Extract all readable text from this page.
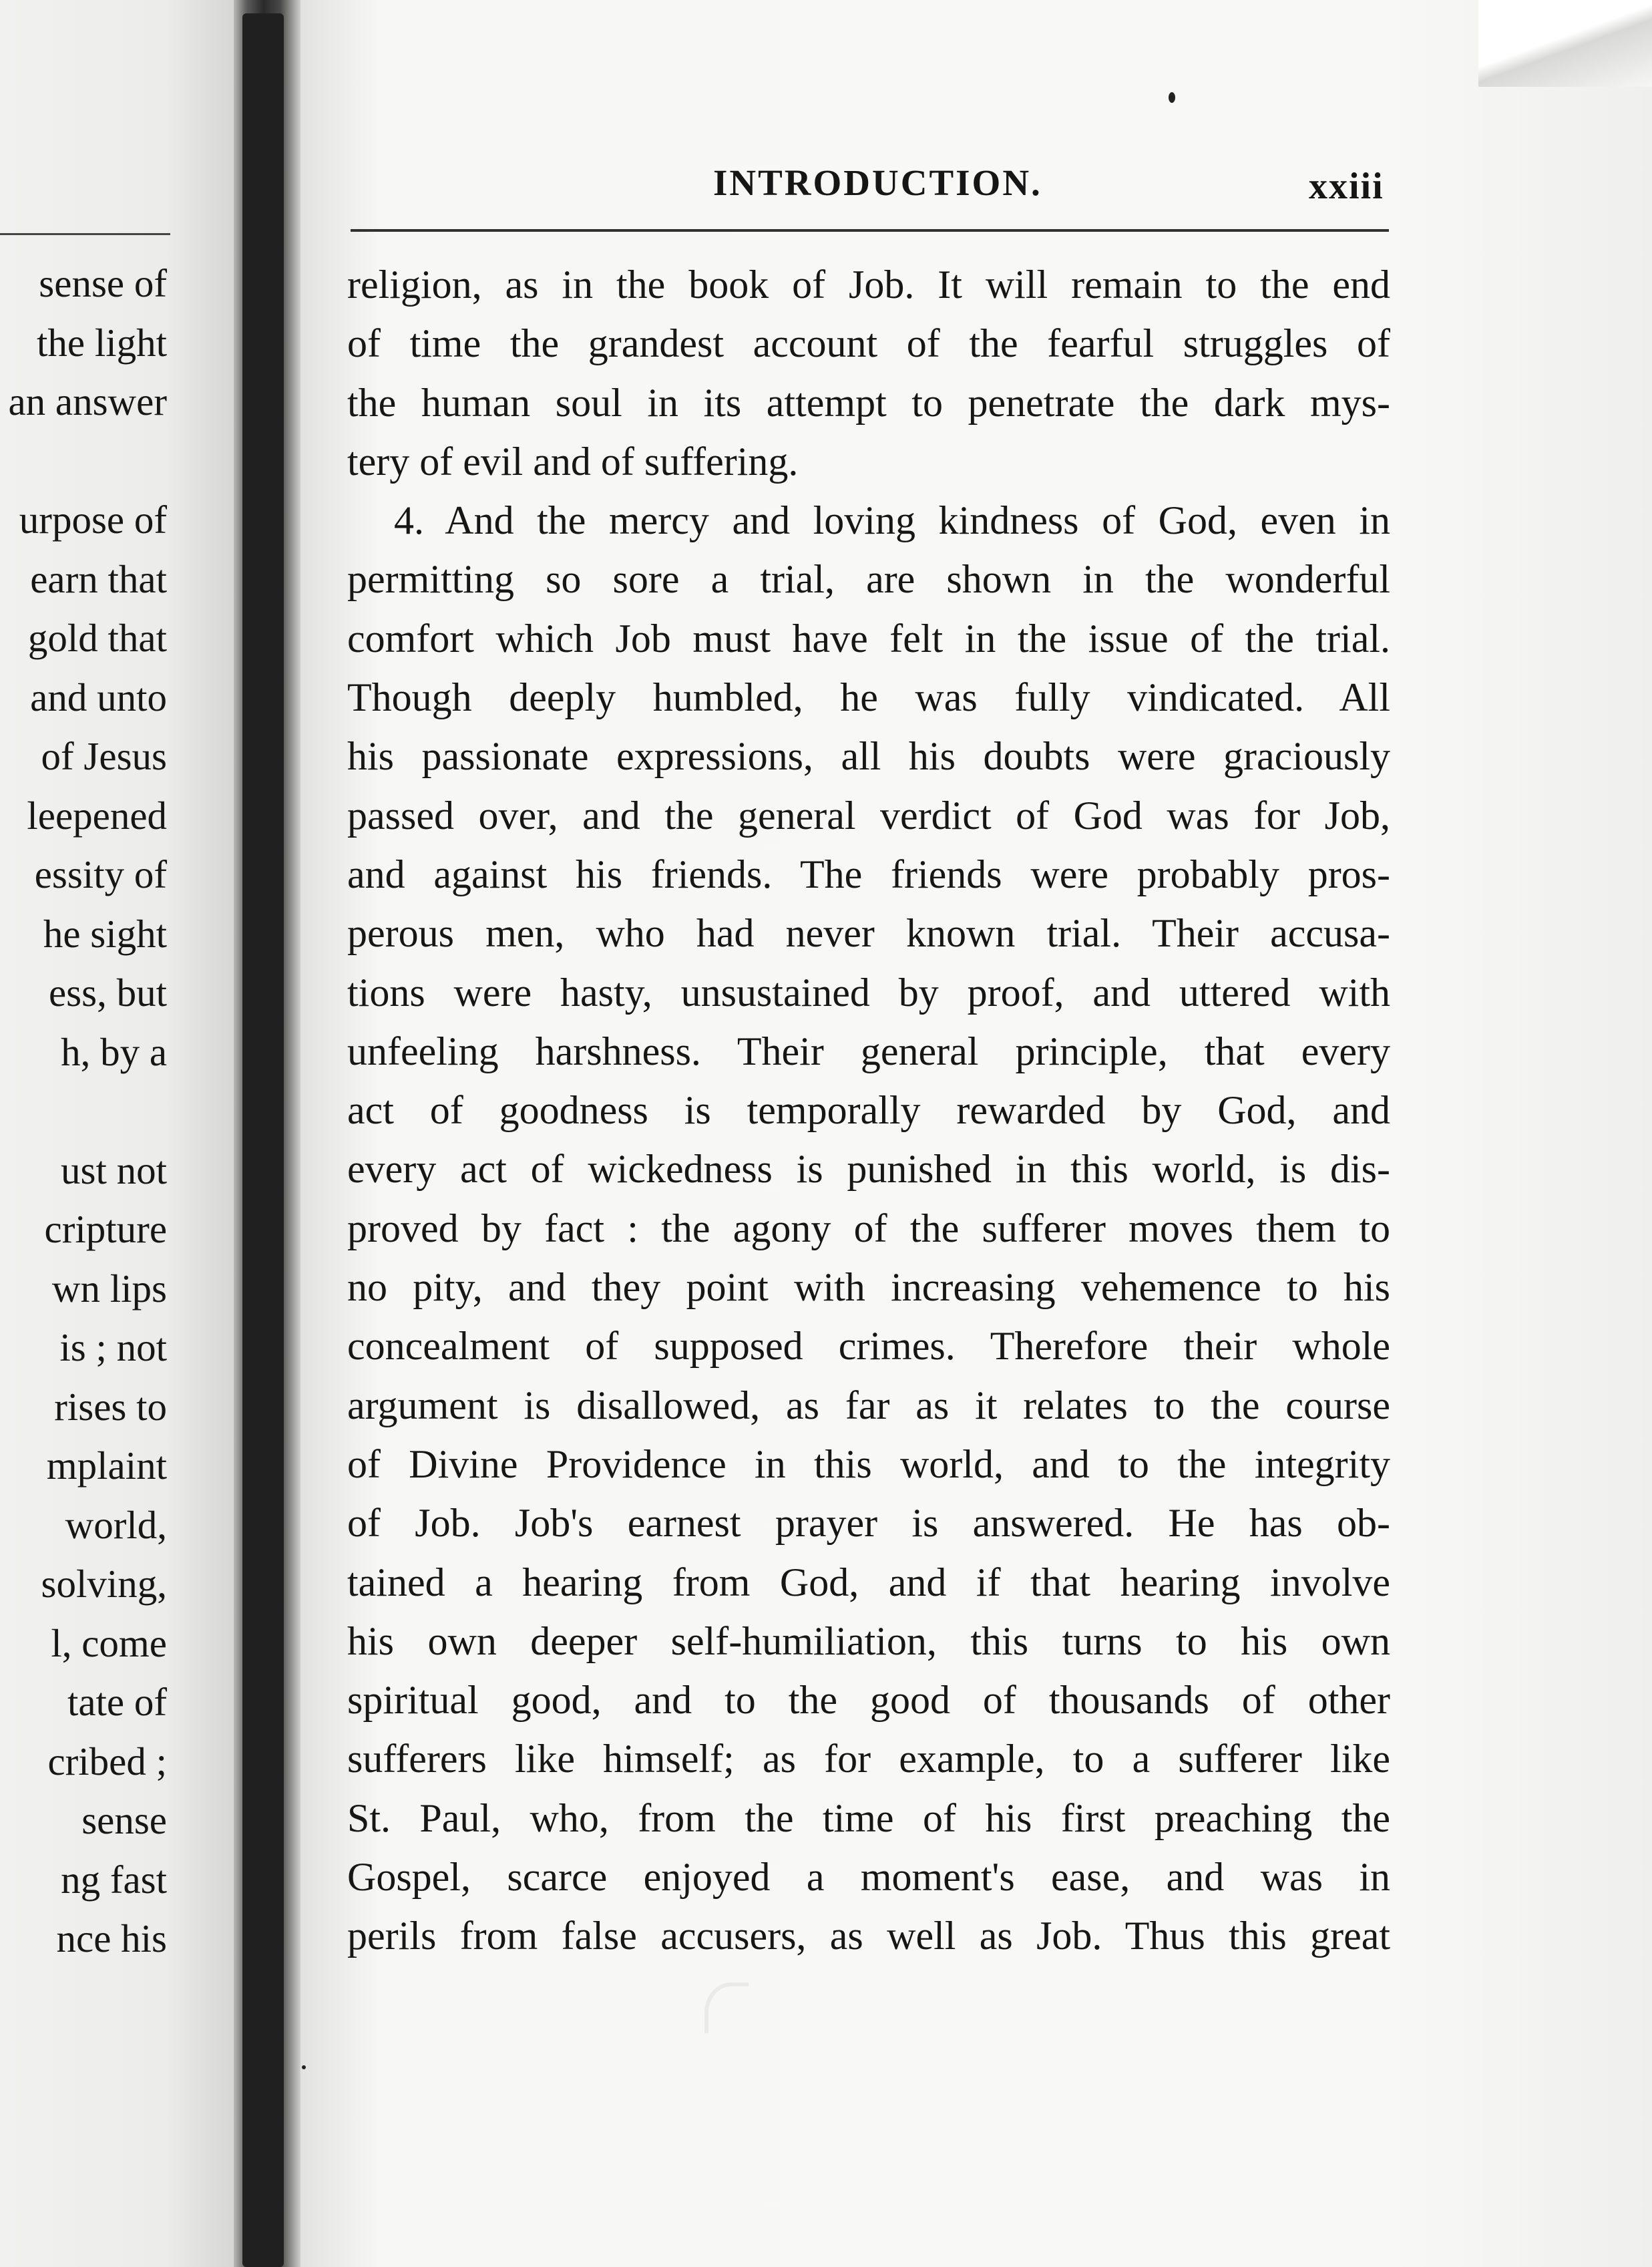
sense of
the light
an answer
urpose of
earn that
gold that
and unto
of Jesus
leepened
essity of
he sight
ess, but
h, by a
ust not
cripture
wn lips
is ; not
rises to
mplaint
world,
solving,
l, come
tate of
cribed ;
sense
ng fast
nce his
INTRODUCTION.	xxiii
religion, as in the book of Job. It will remain to the end
of time the grandest account of the fearful struggles of
the human soul in its attempt to penetrate the dark mys-
tery of evil and of suffering.
4. And the mercy and loving kindness of God, even in
permitting so sore a trial, are shown in the wonderful
comfort which Job must have felt in the issue of the trial.
Though deeply humbled, he was fully vindicated. All
his passionate expressions, all his doubts were graciously
passed over, and the general verdict of God was for Job,
and against his friends. The friends were probably pros-
perous men, who had never known trial. Their accusa-
tions were hasty, unsustained by proof, and uttered with
unfeeling harshness. Their general principle, that every
act of goodness is temporally rewarded by God, and
every act of wickedness is punished in this world, is dis-
proved by fact : the agony of the sufferer moves them to
no pity, and they point with increasing vehemence to his
concealment of supposed crimes. Therefore their whole
argument is disallowed, as far as it relates to the course
of Divine Providence in this world, and to the integrity
of Job. Job's earnest prayer is answered. He has ob-
tained a hearing from God, and if that hearing involve
his own deeper self-humiliation, this turns to his own
spiritual good, and to the good of thousands of other
sufferers like himself; as for example, to a sufferer like
St. Paul, who, from the time of his first preaching the
Gospel, scarce enjoyed a moment's ease, and was in
perils from false accusers, as well as Job. Thus this great
